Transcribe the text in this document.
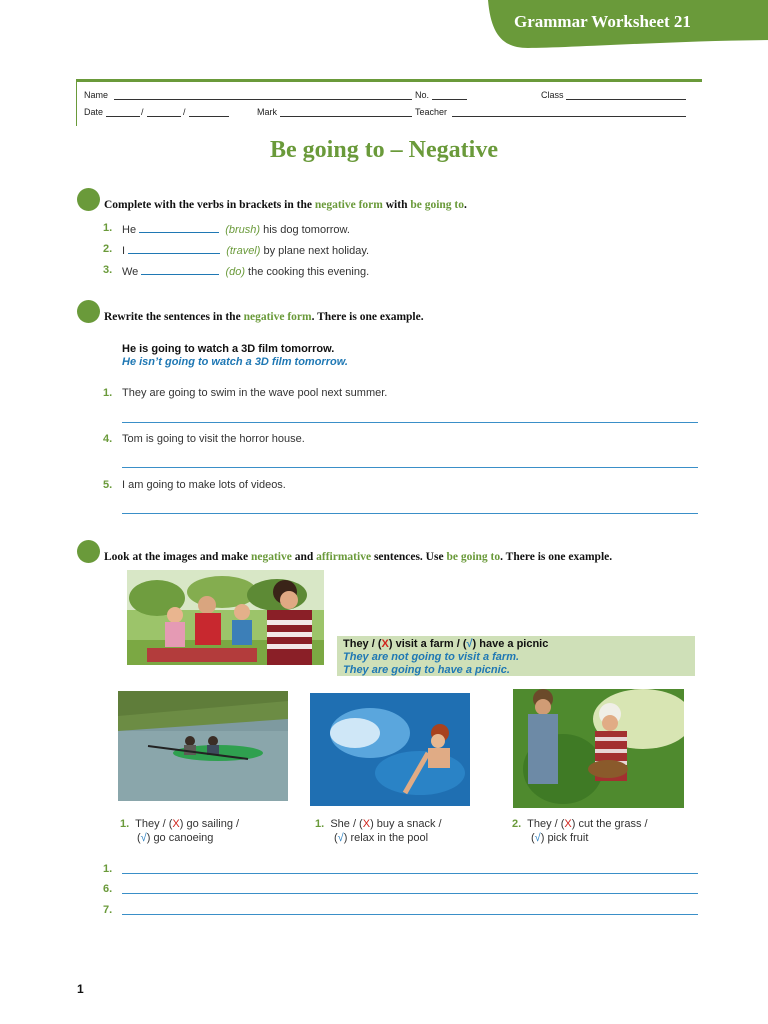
Grammar Worksheet 21
Name	No.	Class
Date	/	/	Mark	Teacher
Be going to – Negative
Complete with the verbs in brackets in the negative form with be going to.
1. He	(brush) his dog tomorrow.
2. I	(travel) by plane next holiday.
3. We	(do) the cooking this evening.
Rewrite the sentences in the negative form. There is one example.
He is going to watch a 3D film tomorrow.
He isn’t going to watch a 3D film tomorrow.
1. They are going to swim in the wave pool next summer.
4. Tom is going to visit the horror house.
5. I am going to make lots of videos.
Look at the images and make negative and affirmative sentences. Use be going to. There is one example.
They / (X) visit a farm / (√) have a picnic
They are not going to visit a farm.
They are going to have a picnic.
1. They / (X) go sailing /
(√) go canoeing
1. She / (X) buy a snack /
(√) relax in the pool
2. They / (X) cut the grass /
(√) pick fruit
1.
6.
7.
1
